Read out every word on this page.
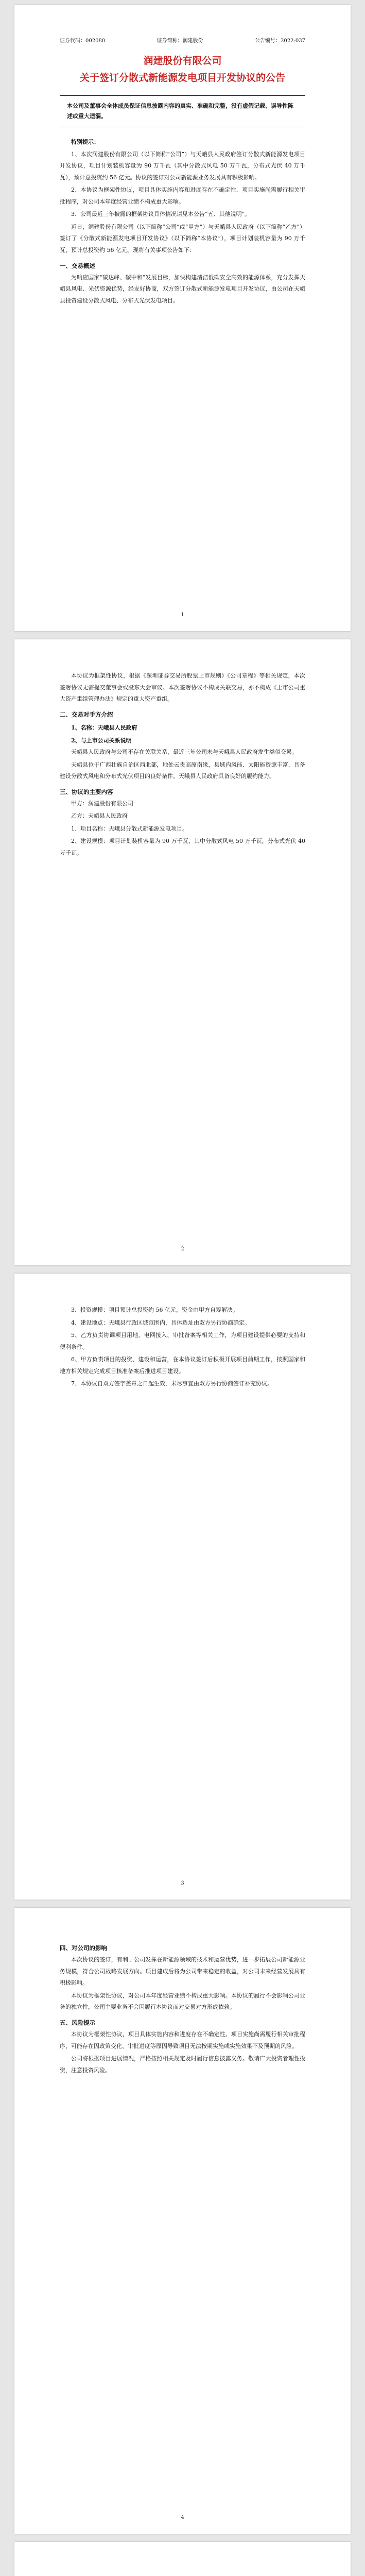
证券代码：002080	证券简称：润建股份	公告编号：2022-037
润建股份有限公司
关于签订分散式新能源发电项目开发协议的公告
本公司及董事会全体成员保证信息披露内容的真实、准确和完整，没有虚假记载、误导性陈述或重大遗漏。
特别提示：

1、本次润建股份有限公司（以下简称“公司”）与天峨县人民政府签订分散式新能源发电项目开发协议，项目计划装机容量为 90 万千瓦（其中分散式风电 50 万千瓦，分布式光伏 40 万千瓦），预计总投资约 56 亿元。协议的签订对公司新能源业务发展具有积极影响。

2、本协议为框架性协议，项目具体实施内容和进度存在不确定性，项目实施尚需履行相关审批程序，对公司本年度经营业绩不构成重大影响。

3、公司最近三年披露的框架协议具体情况请见本公告“五、其他说明”。

近日，润建股份有限公司（以下简称“公司”或“甲方”）与天峨县人民政府（以下简称“乙方”）签订了《分散式新能源发电项目开发协议》（以下简称“本协议”），项目计划装机容量为 90 万千瓦，预计总投资约 56 亿元。现将有关事项公告如下：

一、交易概述

为响应国家“碳达峰、碳中和”发展目标，加快构建清洁低碳安全高效的能源体系，充分发挥天峨县风电、光伏资源优势，经友好协商，双方签订分散式新能源发电项目开发协议，由公司在天峨县投资建设分散式风电、分布式光伏发电项目。

1

本协议为框架性协议，根据《深圳证券交易所股票上市规则》《公司章程》等相关规定，本次签署协议无需提交董事会或股东大会审议。本次签署协议不构成关联交易，亦不构成《上市公司重大资产重组管理办法》规定的重大资产重组。

二、交易对手方介绍
1、名称：天峨县人民政府
2、与上市公司关系说明

天峨县人民政府与公司不存在关联关系，最近三年公司未与天峨县人民政府发生类似交易。

天峨县位于广西壮族自治区西北部，地处云贵高原南缘，县域内风能、太阳能资源丰富，具备建设分散式风电和分布式光伏项目的良好条件。天峨县人民政府具备良好的履约能力。

三、协议的主要内容

甲方：润建股份有限公司

乙方：天峨县人民政府

1、项目名称：天峨县分散式新能源发电项目。

2、建设规模：项目计划装机容量为 90 万千瓦，其中分散式风电 50 万千瓦，分布式光伏 40 万千瓦。

2

3、投资规模：项目预计总投资约 56 亿元，资金由甲方自筹解决。

4、建设地点：天峨县行政区域范围内，具体选址由双方另行协商确定。

5、乙方负责协调项目用地、电网接入、审批备案等相关工作，为项目建设提供必要的支持和便利条件。

6、甲方负责项目的投资、建设和运营，在本协议签订后积极开展项目前期工作，按照国家和地方相关规定完成项目核准备案后推进项目建设。

7、本协议自双方签字盖章之日起生效，未尽事宜由双方另行协商签订补充协议。

3
四、对公司的影响

本次协议的签订，有利于公司发挥在新能源领域的技术和运营优势，进一步拓展公司新能源业务规模，符合公司战略发展方向。项目建成后将为公司带来稳定的收益，对公司未来经营发展具有积极影响。

本协议为框架性协议，对公司本年度经营业绩不构成重大影响。本协议的履行不会影响公司业务的独立性，公司主要业务不会因履行本协议而对交易对方形成依赖。

五、风险提示

本协议为框架性协议，项目具体实施内容和进度存在不确定性。项目实施尚需履行相关审批程序，可能存在因政策变化、审批进度等原因导致项目无法按期实施或实施效果不及预期的风险。

公司将根据项目进展情况，严格按照相关规定及时履行信息披露义务。敬请广大投资者理性投资，注意投资风险。

4
